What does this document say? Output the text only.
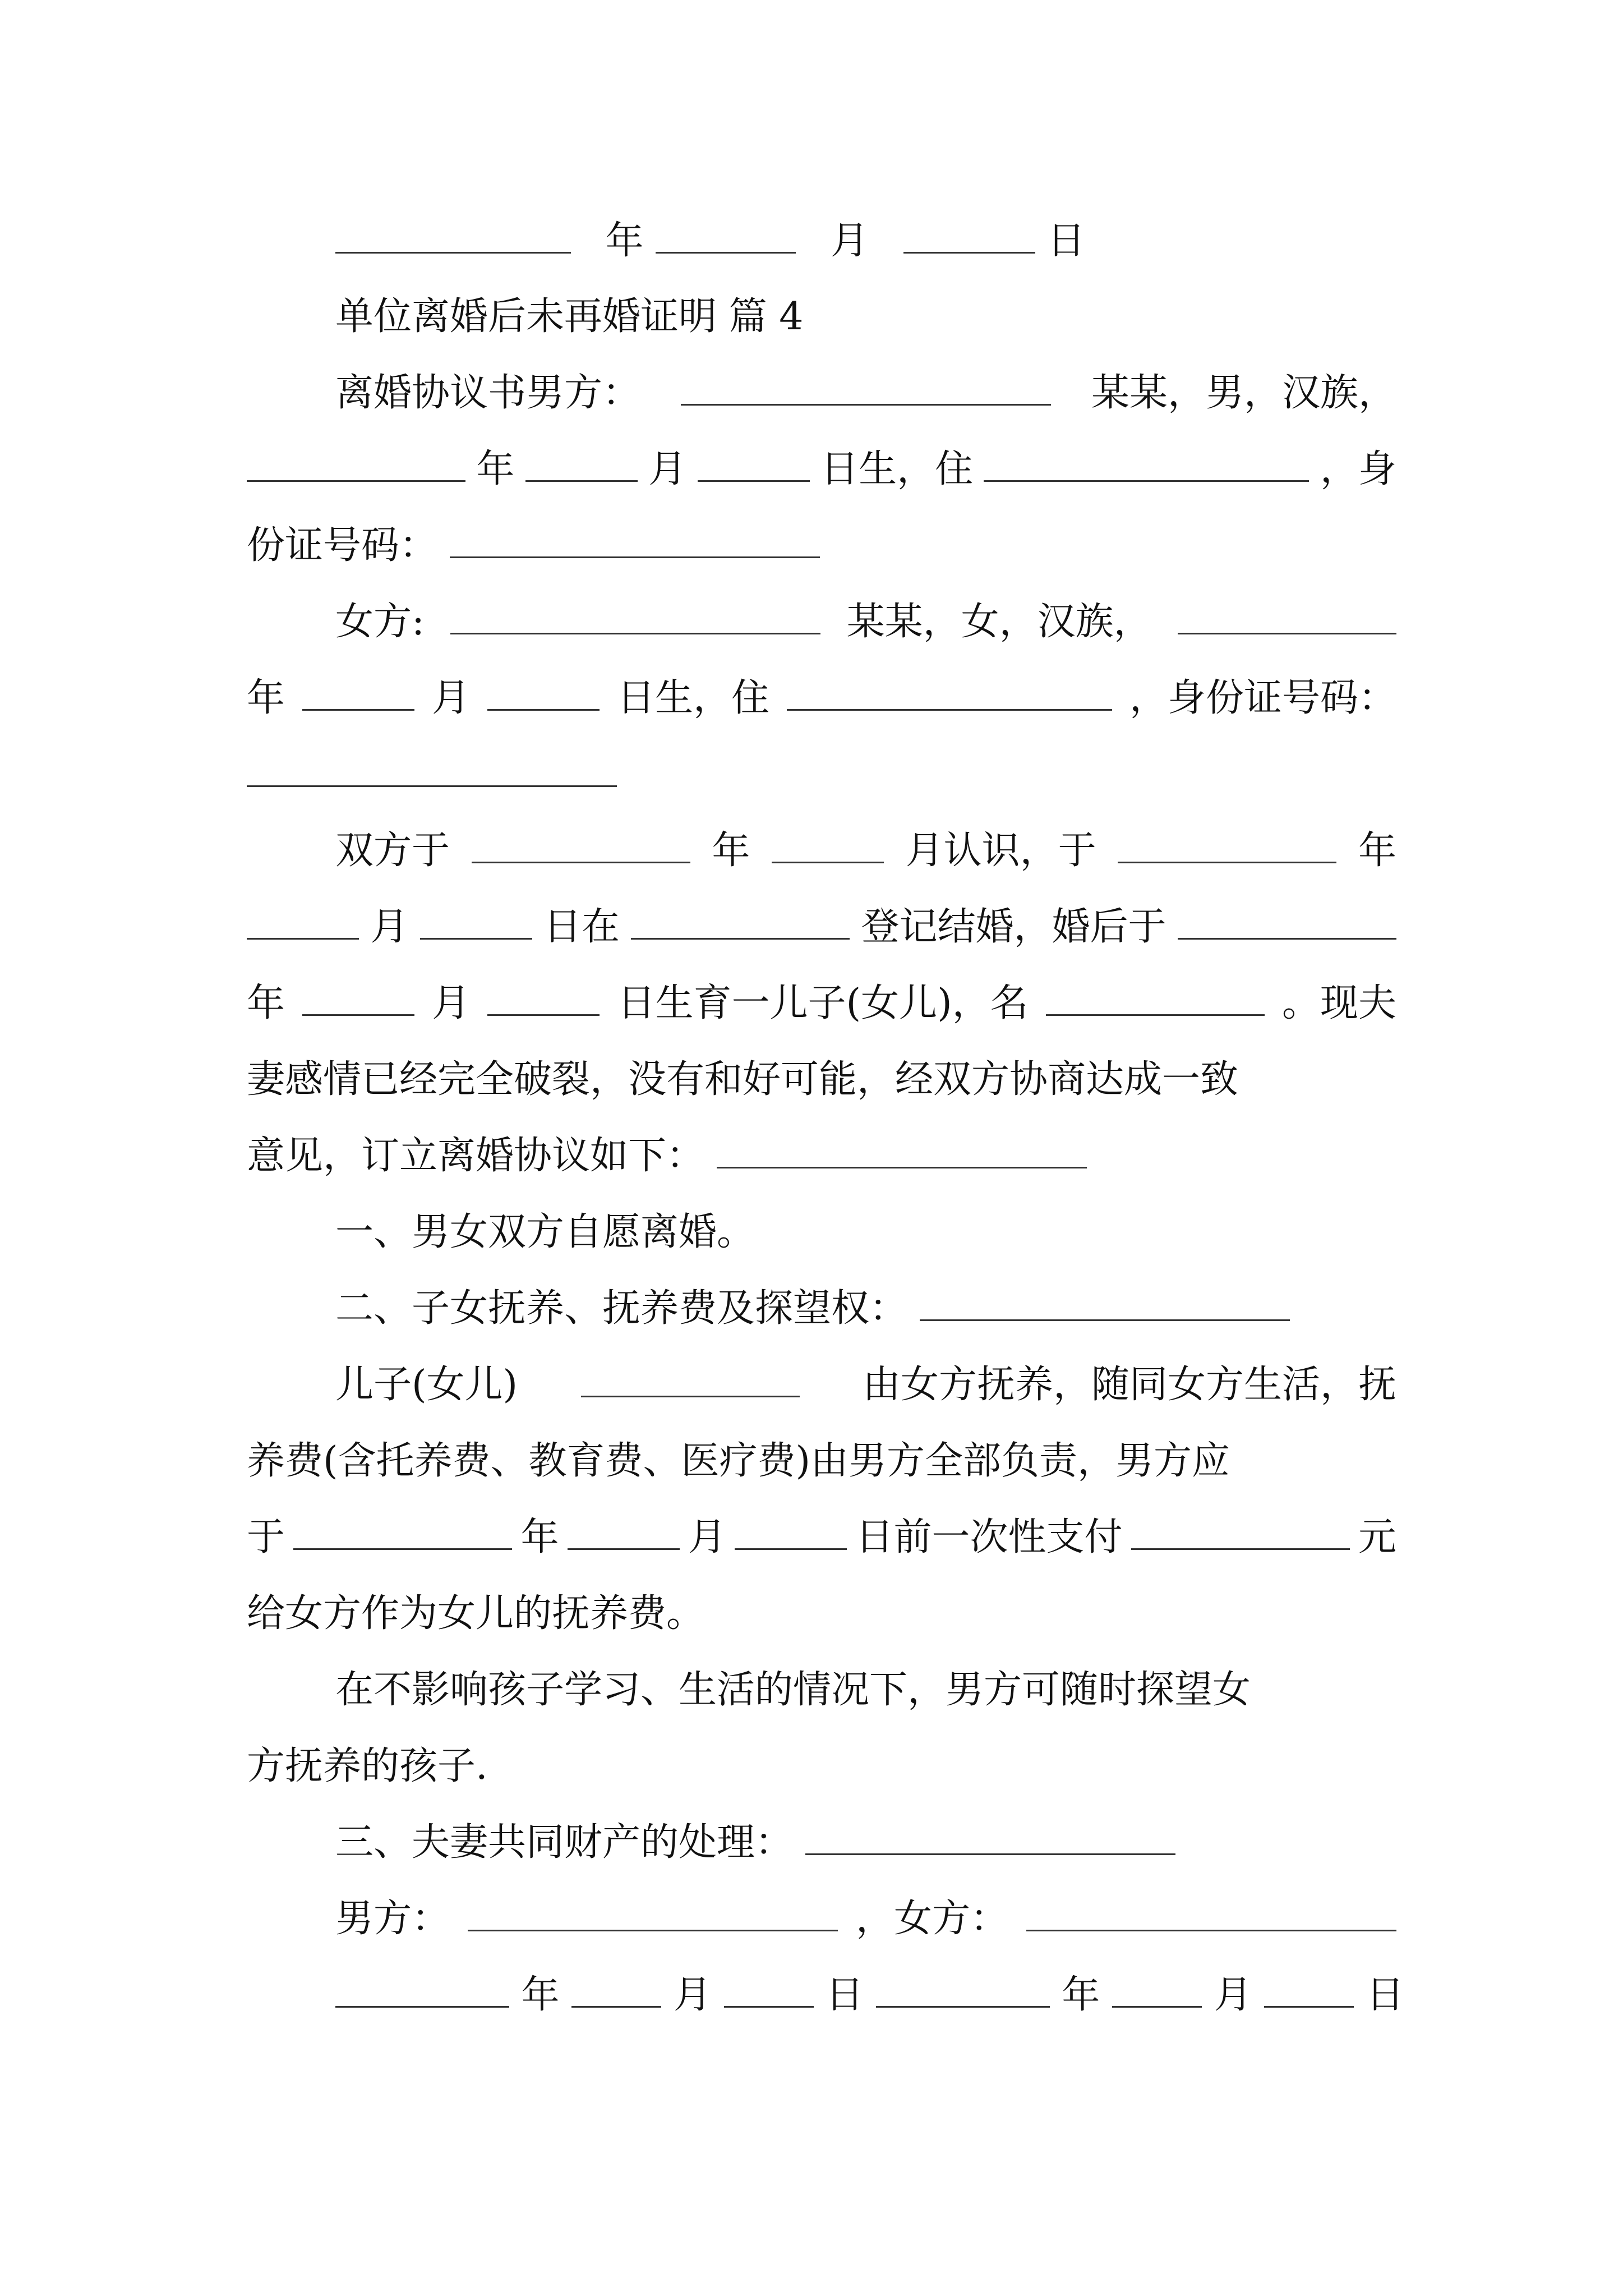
年	月	日
单位离婚后未再婚证明 篇 4
离婚协议书男方：	某某，男，汉族，
年	月	日生，住	，身
份证号码：
女方:	某某，女，汉族，
年	月	日生，住	，身份证号码：
双方于	年	月认识，于	年
月	日在	登记结婚，婚后于
年	月	日生育一儿子(女儿)，名	。现夫
妻感情已经完全破裂，没有和好可能，经双方协商达成一致
意见，订立离婚协议如下：
一、男女双方自愿离婚。
二、子女抚养、抚养费及探望权：
儿子(女儿)	由女方抚养，随同女方生活，抚
养费(含托养费、教育费、医疗费)由男方全部负责，男方应
于	年	月	日前一次性支付	元
给女方作为女儿的抚养费。
在不影响孩子学习、生活的情况下，男方可随时探望女
方抚养的孩子.
三、夫妻共同财产的处理：
男方：	，女方：
年	月	日	年	月	日
